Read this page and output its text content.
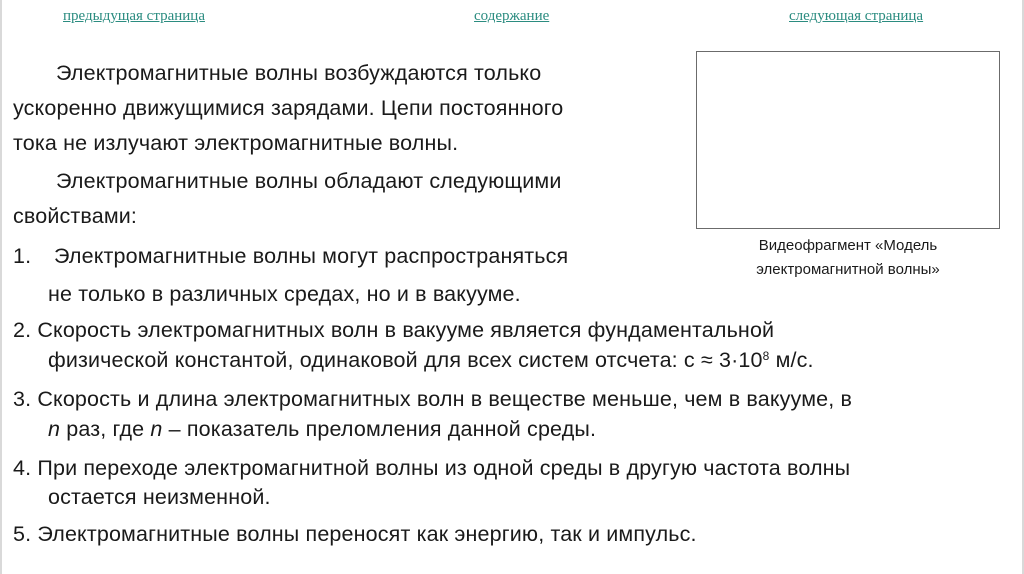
предыдущая страница	содержание	следующая страница
Видеофрагмент «Модель
электромагнитной волны»
Электромагнитные волны возбуждаются только
ускоренно движущимися зарядами. Цепи постоянного
тока не излучают электромагнитные волны.
Электромагнитные волны обладают следующими
свойствами:
1. Электромагнитные волны могут распространяться
не только в различных средах, но и в вакууме.
2. Скорость электромагнитных волн в вакууме является фундаментальной
физической константой, одинаковой для всех систем отсчета: $c \approx 3\cdot 10^8$ м/с.
3. Скорость и длина электромагнитных волн в веществе меньше, чем в вакууме, в
n раз, где n – показатель преломления данной среды.
4. При переходе электромагнитной волны из одной среды в другую частота волны
остается неизменной.
5. Электромагнитные волны переносят как энергию, так и импульс.
